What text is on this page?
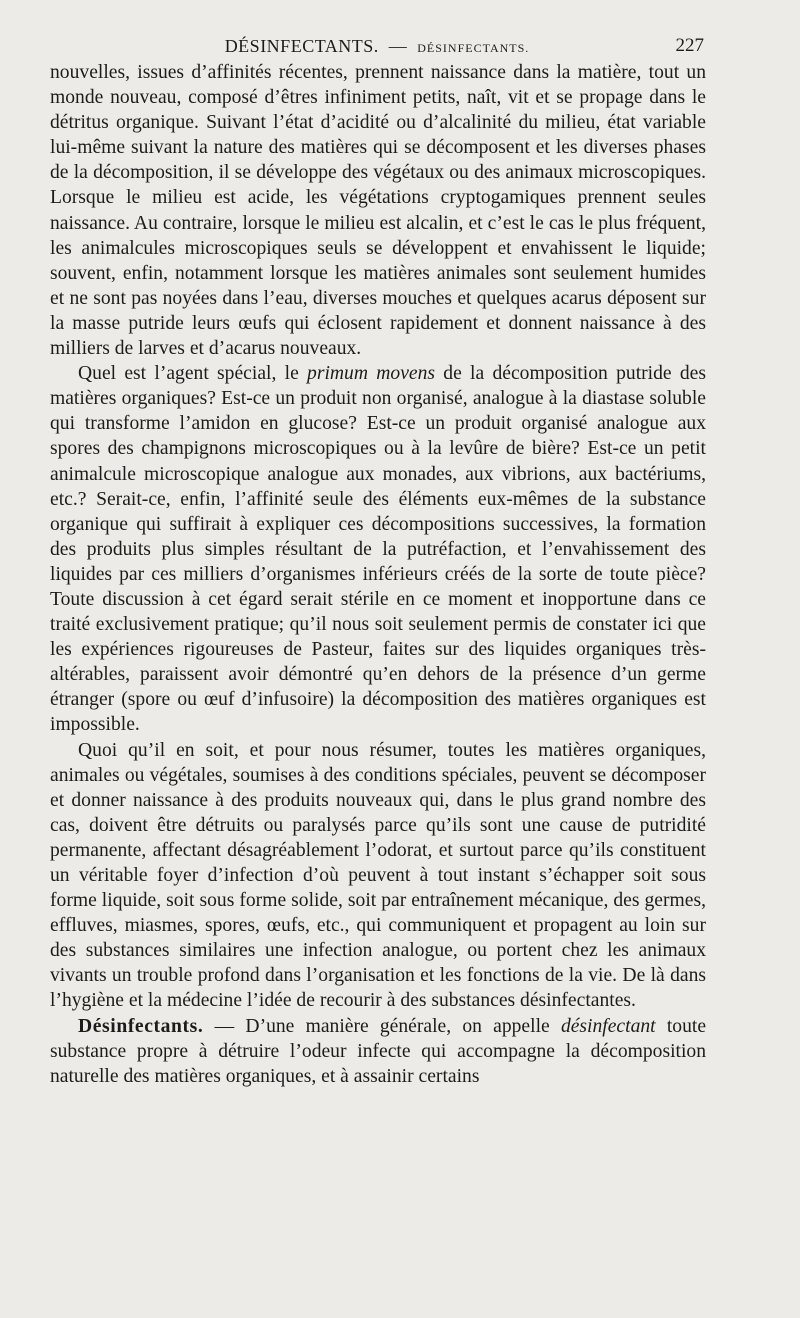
DÉSINFECTANTS. — DÉSINFECTANTS.	227

nouvelles, issues d’affinités récentes, prennent naissance dans la matière, tout un monde nouveau, composé d’êtres infiniment petits, naît, vit et se propage dans le détritus organique. Suivant l’état d’acidité ou d’alcalinité du milieu, état variable lui-même suivant la nature des matières qui se décomposent et les diverses phases de la décomposition, il se développe des végétaux ou des animaux microscopiques. Lorsque le milieu est acide, les végétations cryptogamiques prennent seules naissance. Au contraire, lorsque le milieu est alcalin, et c’est le cas le plus fréquent, les animalcules microscopiques seuls se développent et envahissent le liquide; souvent, enfin, notamment lorsque les matières animales sont seulement humides et ne sont pas noyées dans l’eau, diverses mouches et quelques acarus déposent sur la masse putride leurs œufs qui éclosent rapidement et donnent naissance à des milliers de larves et d’acarus nouveaux.

Quel est l’agent spécial, le primum movens de la décomposition putride des matières organiques? Est-ce un produit non organisé, analogue à la diastase soluble qui transforme l’amidon en glucose? Est-ce un produit organisé analogue aux spores des champignons microscopiques ou à la levûre de bière? Est-ce un petit animalcule microscopique analogue aux monades, aux vibrions, aux bactériums, etc.? Serait-ce, enfin, l’affinité seule des éléments eux-mêmes de la substance organique qui suffirait à expliquer ces décompositions successives, la formation des produits plus simples résultant de la putréfaction, et l’envahissement des liquides par ces milliers d’organismes inférieurs créés de la sorte de toute pièce? Toute discussion à cet égard serait stérile en ce moment et inopportune dans ce traité exclusivement pratique; qu’il nous soit seulement permis de constater ici que les expériences rigoureuses de Pasteur, faites sur des liquides organiques très-altérables, paraissent avoir démontré qu’en dehors de la présence d’un germe étranger (spore ou œuf d’infusoire) la décomposition des matières organiques est impossible.

Quoi qu’il en soit, et pour nous résumer, toutes les matières organiques, animales ou végétales, soumises à des conditions spéciales, peuvent se décomposer et donner naissance à des produits nouveaux qui, dans le plus grand nombre des cas, doivent être détruits ou paralysés parce qu’ils sont une cause de putridité permanente, affectant désagréablement l’odorat, et surtout parce qu’ils constituent un véritable foyer d’infection d’où peuvent à tout instant s’échapper soit sous forme liquide, soit sous forme solide, soit par entraînement mécanique, des germes, effluves, miasmes, spores, œufs, etc., qui communiquent et propagent au loin sur des substances similaires une infection analogue, ou portent chez les animaux vivants un trouble profond dans l’organisation et les fonctions de la vie. De là dans l’hygiène et la médecine l’idée de recourir à des substances désinfectantes.

Désinfectants. — D’une manière générale, on appelle désinfectant toute substance propre à détruire l’odeur infecte qui accompagne la décomposition naturelle des matières organiques, et à assainir certains
